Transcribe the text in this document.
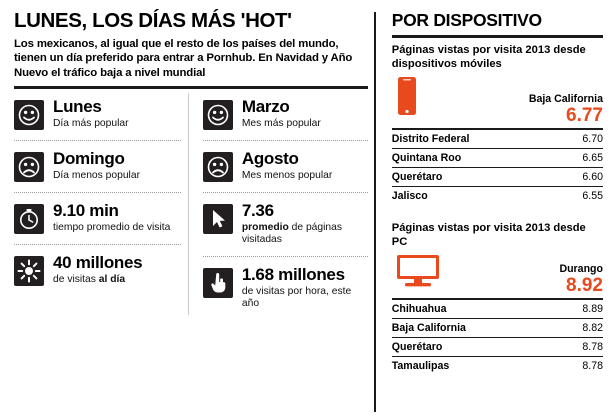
LUNES, LOS DÍAS MÁS 'HOT'
Los mexicanos, al igual que el resto de los países del mundo, tienen un día preferido para entrar a Pornhub. En Navidad y Año Nuevo el tráfico baja a nivel mundial
Lunes
Día más popular
Domingo
Día menos popular
9.10 min
tiempo promedio de visita
40 millones
de visitas al día
Marzo
Mes más popular
Agosto
Mes menos popular
7.36
promedio de páginas visitadas
1.68 millones
de visitas por hora, este año
POR DISPOSITIVO
Páginas vistas por visita 2013 desde dispositivos móviles
Baja California
6.77
Distrito Federal	6.70
Quintana Roo	6.65
Querétaro	6.60
Jalisco	6.55
Páginas vistas por visita 2013 desde PC
Durango
8.92
Chihuahua	8.89
Baja California	8.82
Querétaro	8.78
Tamaulipas	8.78
